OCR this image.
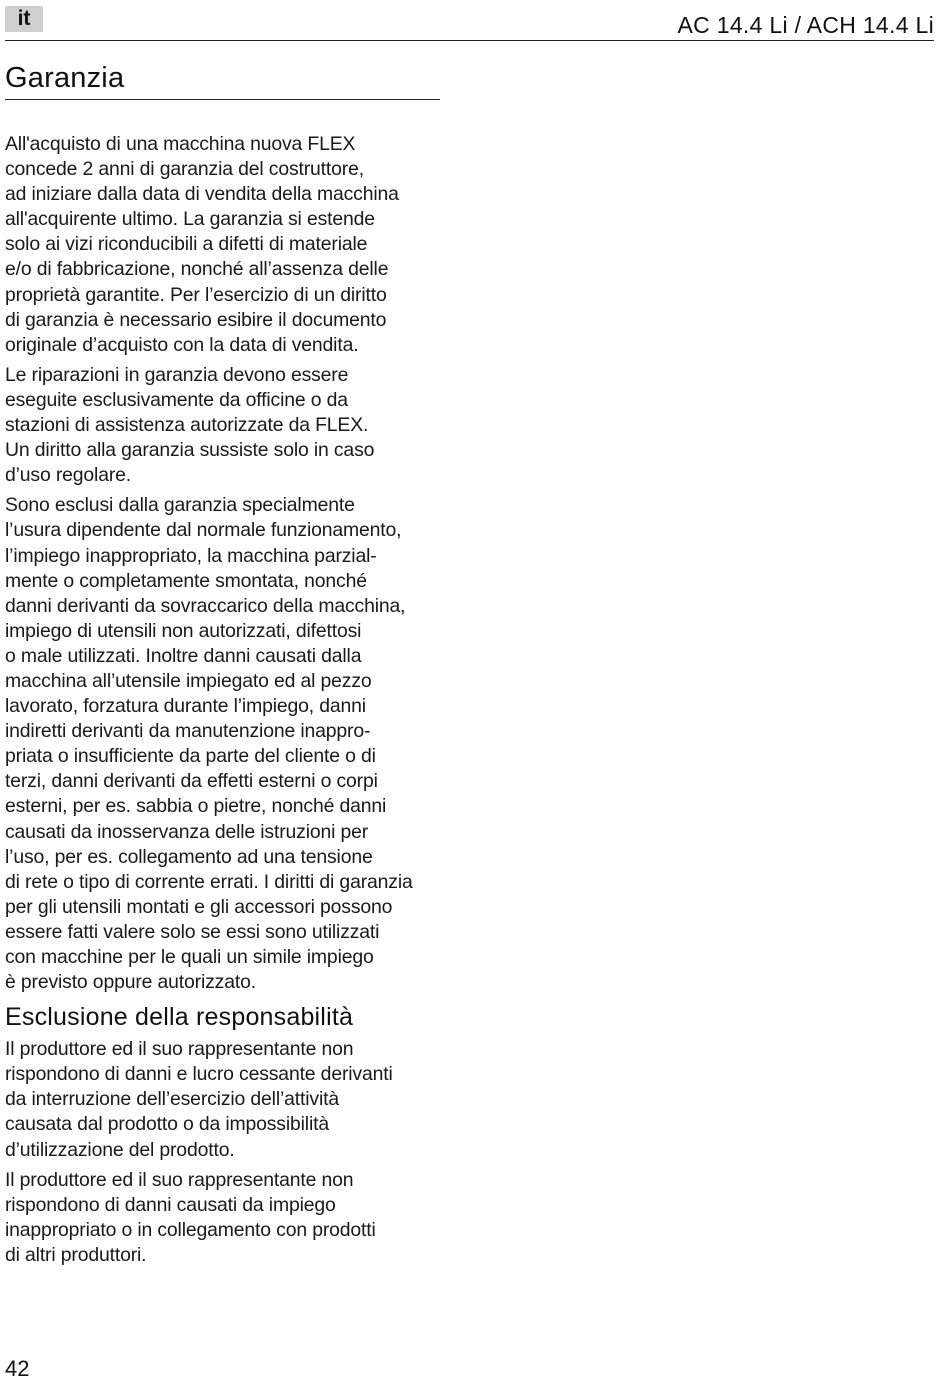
it	AC 14.4 Li / ACH 14.4 Li
Garanzia

All'acquisto di una macchina nuova FLEX
concede 2 anni di garanzia del costruttore,
ad iniziare dalla data di vendita della macchina
all'acquirente ultimo. La garanzia si estende
solo ai vizi riconducibili a difetti di materiale
e/o di fabbricazione, nonché all’assenza delle
proprietà garantite. Per l’esercizio di un diritto
di garanzia è necessario esibire il documento
originale d’acquisto con la data di vendita.

Le riparazioni in garanzia devono essere
eseguite esclusivamente da officine o da
stazioni di assistenza autorizzate da FLEX.
Un diritto alla garanzia sussiste solo in caso
d’uso regolare.

Sono esclusi dalla garanzia specialmente
l’usura dipendente dal normale funzionamento,
l’impiego inappropriato, la macchina parzial-
mente o completamente smontata, nonché
danni derivanti da sovraccarico della macchina,
impiego di utensili non autorizzati, difettosi
o male utilizzati. Inoltre danni causati dalla
macchina all’utensile impiegato ed al pezzo
lavorato, forzatura durante l’impiego, danni
indiretti derivanti da manutenzione inappro-
priata o insufficiente da parte del cliente o di
terzi, danni derivanti da effetti esterni o corpi
esterni, per es. sabbia o pietre, nonché danni
causati da inosservanza delle istruzioni per
l’uso, per es. collegamento ad una tensione
di rete o tipo di corrente errati. I diritti di garanzia
per gli utensili montati e gli accessori possono
essere fatti valere solo se essi sono utilizzati
con macchine per le quali un simile impiego
è previsto oppure autorizzato.

Esclusione della responsabilità

Il produttore ed il suo rappresentante non
rispondono di danni e lucro cessante derivanti
da interruzione dell’esercizio dell’attività
causata dal prodotto o da impossibilità
d’utilizzazione del prodotto.

Il produttore ed il suo rappresentante non
rispondono di danni causati da impiego
inappropriato o in collegamento con prodotti
di altri produttori.

42
